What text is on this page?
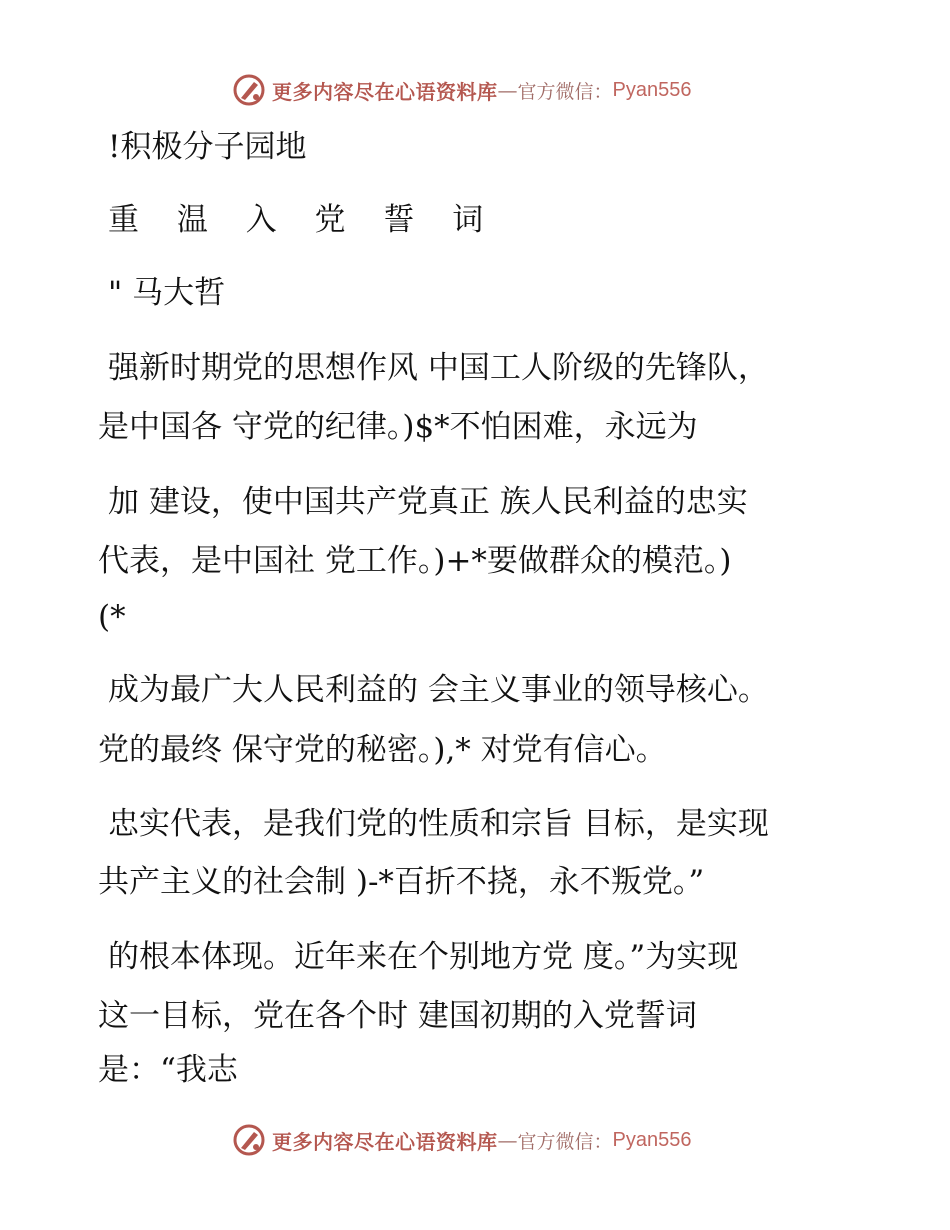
更多内容尽在心语资料库 — 官方微信： Pyan556
!积极分子园地
重 温 入 党 誓 词
" 马大哲
强新时期党的思想作风 中国工人阶级的先锋队，
是中国各 守党的纪律。)$*不怕困难，永远为
加 建设，使中国共产党真正 族人民利益的忠实
代表，是中国社 党工作。)+*要做群众的模范。)
(*
成为最广大人民利益的 会主义事业的领导核心。
党的最终 保守党的秘密。),* 对党有信心。
忠实代表，是我们党的性质和宗旨 目标，是实现
共产主义的社会制 )-*百折不挠，永不叛党。”
的根本体现。近年来在个别地方党 度。”为实现
这一目标，党在各个时 建国初期的入党誓词
是：“我志
更多内容尽在心语资料库 — 官方微信： Pyan556
